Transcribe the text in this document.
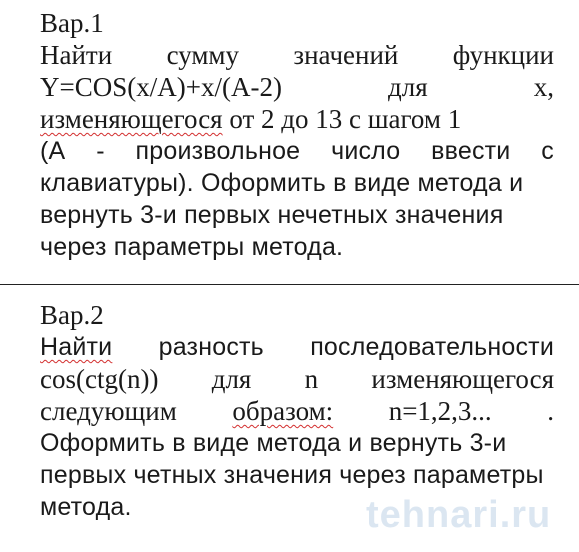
Вар.1
Найти сумму значений функции
Y=COS(x/A)+x/(A-2)	для	x,
изменяющегося от 2 до 13 с шагом 1
(A - произвольное число ввести с
клавиатуры). Оформить в виде метода и
вернуть 3-и первых нечетных значения
через параметры метода.
Вар.2
Найти разность последовательности
cos(ctg(n)) для n изменяющегося
следующим образом: n=1,2,3... .
Оформить в виде метода и вернуть 3-и
первых четных значения через параметры
метода.	tehnari.ru
